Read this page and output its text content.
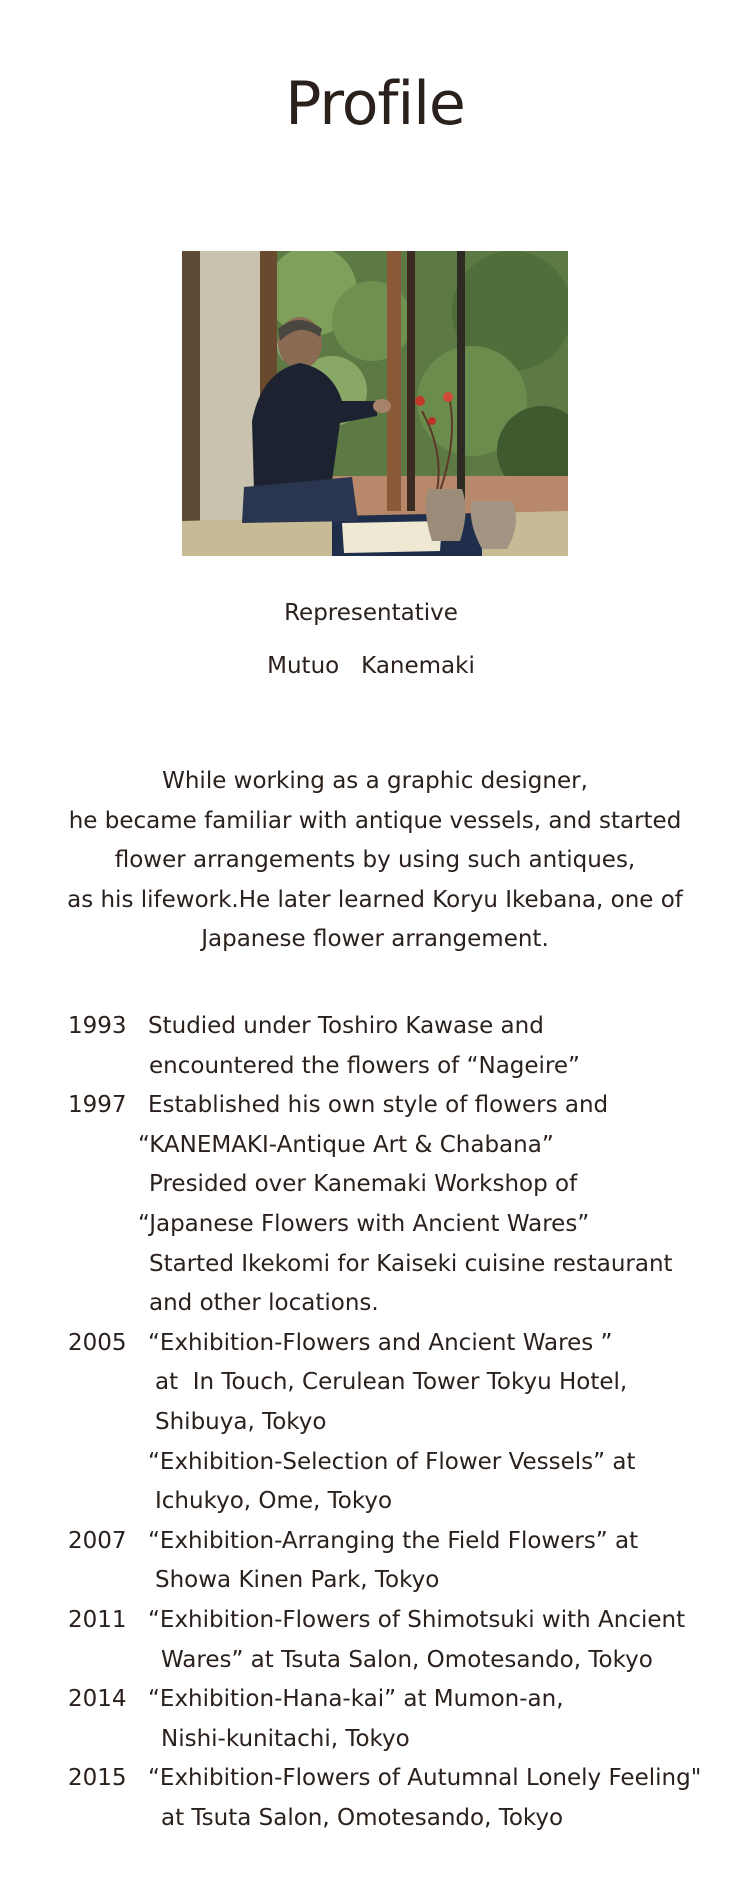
Profile
Representative
Mutuo   Kanemaki
While working as a graphic designer,
he became familiar with antique vessels, and started
flower arrangements by using such antiques,
as his lifework.He later learned Koryu Ikebana, one of
Japanese flower arrangement.
1993 Studied under Toshiro Kawase and
encountered the flowers of “Nageire”
1997 Established his own style of flowers and
“KANEMAKI-Antique Art & Chabana”
Presided over Kanemaki Workshop of
“Japanese Flowers with Ancient Wares”
Started Ikekomi for Kaiseki cuisine restaurant
and other locations.
2005 “Exhibition-Flowers and Ancient Wares ”
at  In Touch, Cerulean Tower Tokyu Hotel,
Shibuya, Tokyo
“Exhibition-Selection of Flower Vessels” at
Ichukyo, Ome, Tokyo
2007 “Exhibition-Arranging the Field Flowers” at
Showa Kinen Park, Tokyo
2011 “Exhibition-Flowers of Shimotsuki with Ancient
Wares” at Tsuta Salon, Omotesando, Tokyo
2014 “Exhibition-Hana-kai” at Mumon-an,
Nishi-kunitachi, Tokyo
2015 “Exhibition-Flowers of Autumnal Lonely Feeling"
at Tsuta Salon, Omotesando, Tokyo
